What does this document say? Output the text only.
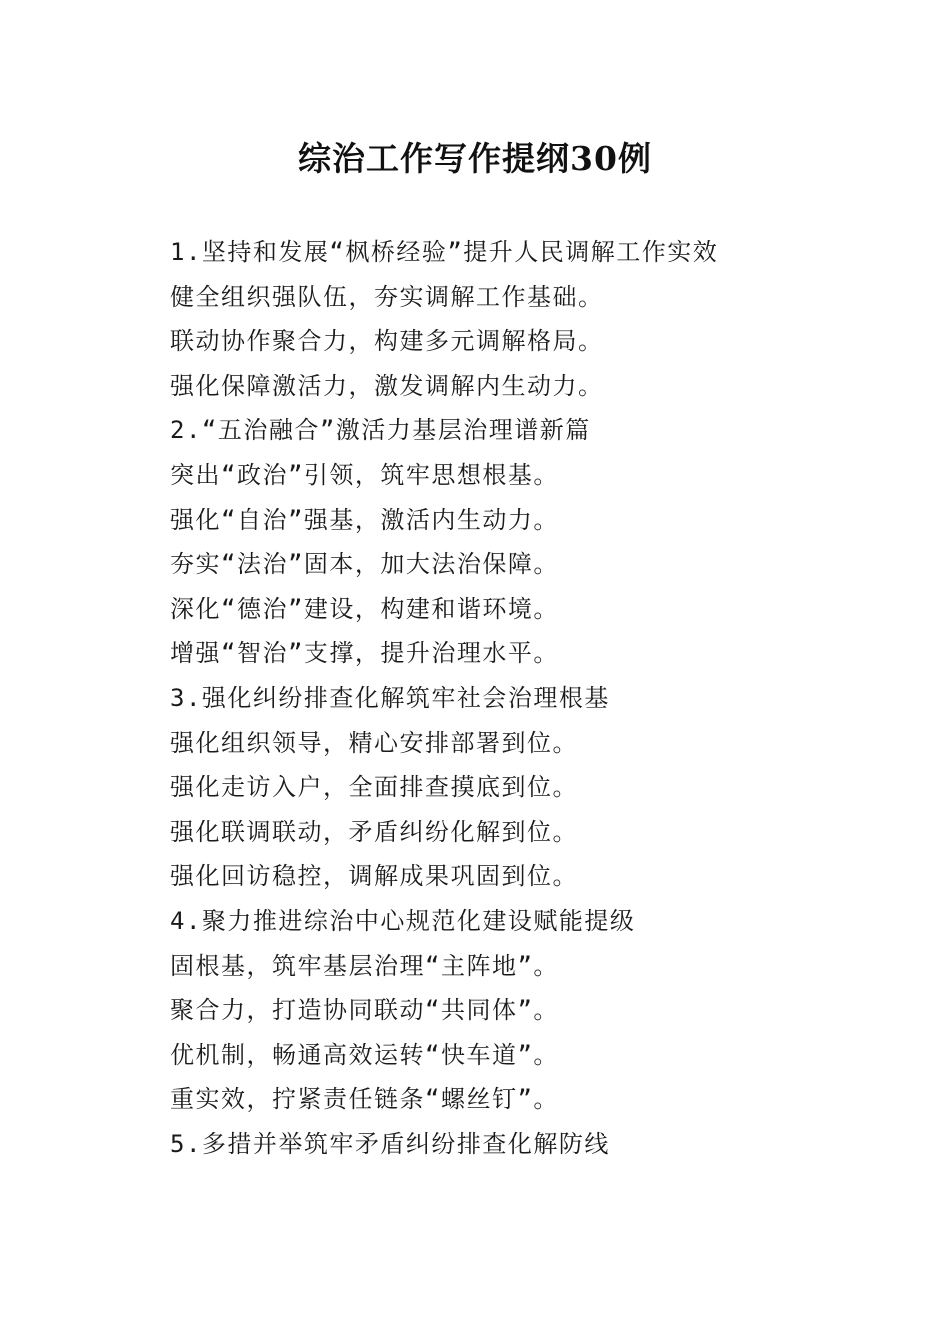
综治工作写作提纲30例
1.坚持和发展“枫桥经验”提升人民调解工作实效
健全组织强队伍，夯实调解工作基础。
联动协作聚合力，构建多元调解格局。
强化保障激活力，激发调解内生动力。
2.“五治融合”激活力基层治理谱新篇
突出“政治”引领，筑牢思想根基。
强化“自治”强基，激活内生动力。
夯实“法治”固本，加大法治保障。
深化“德治”建设，构建和谐环境。
增强“智治”支撑，提升治理水平。
3.强化纠纷排查化解筑牢社会治理根基
强化组织领导，精心安排部署到位。
强化走访入户，全面排查摸底到位。
强化联调联动，矛盾纠纷化解到位。
强化回访稳控，调解成果巩固到位。
4.聚力推进综治中心规范化建设赋能提级
固根基，筑牢基层治理“主阵地”。
聚合力，打造协同联动“共同体”。
优机制，畅通高效运转“快车道”。
重实效，拧紧责任链条“螺丝钉”。
5.多措并举筑牢矛盾纠纷排查化解防线
